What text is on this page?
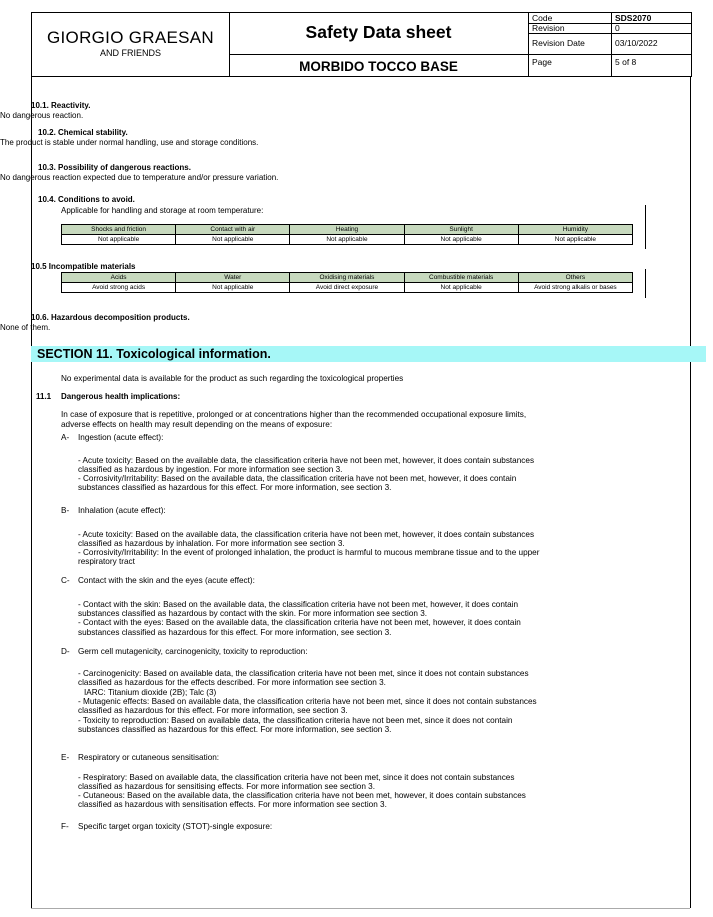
GIORGIO GRAESAN
AND FRIENDS
Safety Data sheet
MORBIDO TOCCO BASE
Code	SDS2070
Revision	0
Revision Date	03/10/2022
Page	5 of 8
10.1. Reactivity.
No dangerous reaction.
10.2. Chemical stability.
The product is stable under normal handling, use and storage conditions.
10.3. Possibility of dangerous reactions.
No dangerous reaction expected due to temperature and/or pressure variation.
10.4. Conditions to avoid.
Applicable for handling and storage at room temperature:
Shocks and friction	Contact with air	Heating	Sunlight	Humidity
Not applicable	Not applicable	Not applicable	Not applicable	Not applicable
10.5 Incompatible materials
Acids	Water	Oxidising materials	Combustible materials	Others
Avoid strong acids	Not applicable	Avoid direct exposure	Not applicable	Avoid strong alkalis or bases
10.6. Hazardous decomposition products.
None of them.
SECTION 11. Toxicological information.
No experimental data is available for the product as such regarding the toxicological properties
11.1 Dangerous health implications:
In case of exposure that is repetitive, prolonged or at concentrations higher than the recommended occupational exposure limits,
adverse effects on health may result depending on the means of exposure:
A- Ingestion (acute effect):
- Acute toxicity: Based on the available data, the classification criteria have not been met, however, it does contain substances
classified as hazardous by ingestion. For more information see section 3.
- Corrosivity/Irritability: Based on the available data, the classification criteria have not been met, however, it does contain
substances classified as hazardous for this effect. For more information, see section 3.
B- Inhalation (acute effect):
- Acute toxicity: Based on the available data, the classification criteria have not been met, however, it does contain substances
classified as hazardous by inhalation. For more information see section 3.
- Corrosivity/Irritability: In the event of prolonged inhalation, the product is harmful to mucous membrane tissue and to the upper
respiratory tract
C- Contact with the skin and the eyes (acute effect):
- Contact with the skin: Based on the available data, the classification criteria have not been met, however, it does contain
substances classified as hazardous by contact with the skin. For more information see section 3.
- Contact with the eyes: Based on the available data, the classification criteria have not been met, however, it does contain
substances classified as hazardous for this effect. For more information, see section 3.
D- Germ cell mutagenicity, carcinogenicity, toxicity to reproduction:
- Carcinogenicity: Based on available data, the classification criteria have not been met, since it does not contain substances
classified as hazardous for the effects described. For more information see section 3.
IARC: Titanium dioxide (2B); Talc (3)
- Mutagenic effects: Based on available data, the classification criteria have not been met, since it does not contain substances
classified as hazardous for this effect. For more information, see section 3.
- Toxicity to reproduction: Based on available data, the classification criteria have not been met, since it does not contain
substances classified as hazardous for this effect. For more information, see section 3.
E- Respiratory or cutaneous sensitisation:
- Respiratory: Based on available data, the classification criteria have not been met, since it does not contain substances
classified as hazardous for sensitising effects. For more information see section 3.
- Cutaneous: Based on the available data, the classification criteria have not been met, however, it does contain substances
classified as hazardous with sensitisation effects. For more information see section 3.
F- Specific target organ toxicity (STOT)-single exposure:
